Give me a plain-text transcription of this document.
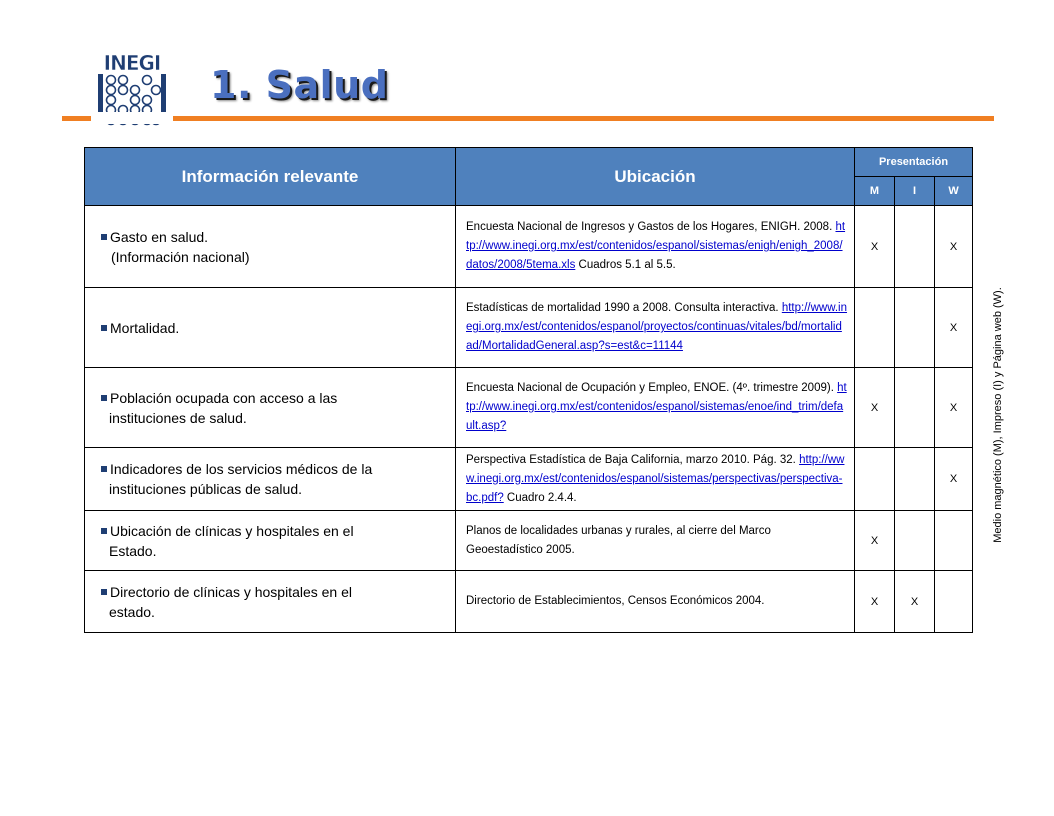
INEGI 1. Salud
Información relevante	Ubicación	Presentación		
		M	I	W

Gasto en salud.
(Información nacional)	Encuesta Nacional de Ingresos y Gastos de los Hogares, ENIGH. 2008. http://www.inegi.org.mx/est/contenidos/espanol/sistemas/enigh/enigh_2008/datos/2008/5tema.xls Cuadros 5.1 al 5.5.	X		X

Mortalidad.	Estadísticas de mortalidad 1990 a 2008. Consulta interactiva. http://www.inegi.org.mx/est/contenidos/espanol/proyectos/continuas/vitales/bd/mortalidad/MortalidadGeneral.asp?s=est&c=11144			X

Población ocupada con acceso a las
instituciones de salud.	Encuesta Nacional de Ocupación y Empleo, ENOE. (4º. trimestre 2009). http://www.inegi.org.mx/est/contenidos/espanol/sistemas/enoe/ind_trim/default.asp?	X		X

Indicadores de los servicios médicos de la
instituciones públicas de salud.	Perspectiva Estadística de Baja California, marzo 2010. Pág. 32. http://www.inegi.org.mx/est/contenidos/espanol/sistemas/perspectivas/perspectiva-bc.pdf? Cuadro 2.4.4.			X

Ubicación de clínicas y hospitales en el
Estado.	Planos de localidades urbanas y rurales, al cierre del Marco Geoestadístico 2005.	X		

Directorio de clínicas y hospitales en el
estado.	Directorio de Establecimientos, Censos Económicos 2004.	X	X	
Medio magnético (M), Impreso (I) y Página web (W).
